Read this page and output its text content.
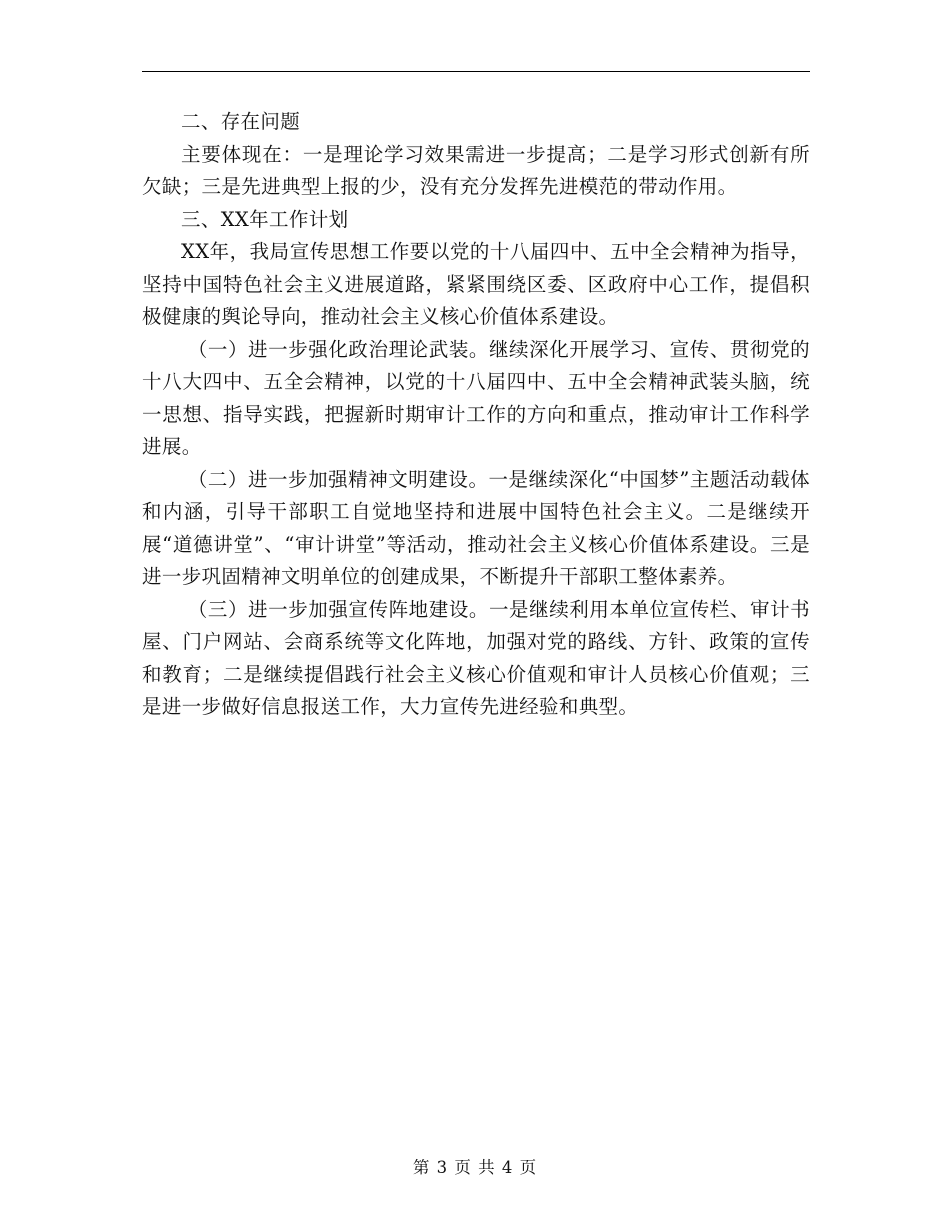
二、存在问题

主要体现在：一是理论学习效果需进一步提高；二是学习形式创新有所欠缺；三是先进典型上报的少，没有充分发挥先进模范的带动作用。

三、XX年工作计划

XX年，我局宣传思想工作要以党的十八届四中、五中全会精神为指导，坚持中国特色社会主义进展道路，紧紧围绕区委、区政府中心工作，提倡积极健康的舆论导向，推动社会主义核心价值体系建设。

（一）进一步强化政治理论武装。继续深化开展学习、宣传、贯彻党的十八大四中、五全会精神，以党的十八届四中、五中全会精神武装头脑，统一思想、指导实践，把握新时期审计工作的方向和重点，推动审计工作科学进展。

（二）进一步加强精神文明建设。一是继续深化“中国梦”主题活动载体和内涵，引导干部职工自觉地坚持和进展中国特色社会主义。二是继续开展“道德讲堂”、“审计讲堂”等活动，推动社会主义核心价值体系建设。三是进一步巩固精神文明单位的创建成果，不断提升干部职工整体素养。

（三）进一步加强宣传阵地建设。一是继续利用本单位宣传栏、审计书屋、门户网站、会商系统等文化阵地，加强对党的路线、方针、政策的宣传和教育；二是继续提倡践行社会主义核心价值观和审计人员核心价值观；三是进一步做好信息报送工作，大力宣传先进经验和典型。

第 3 页 共 4 页
